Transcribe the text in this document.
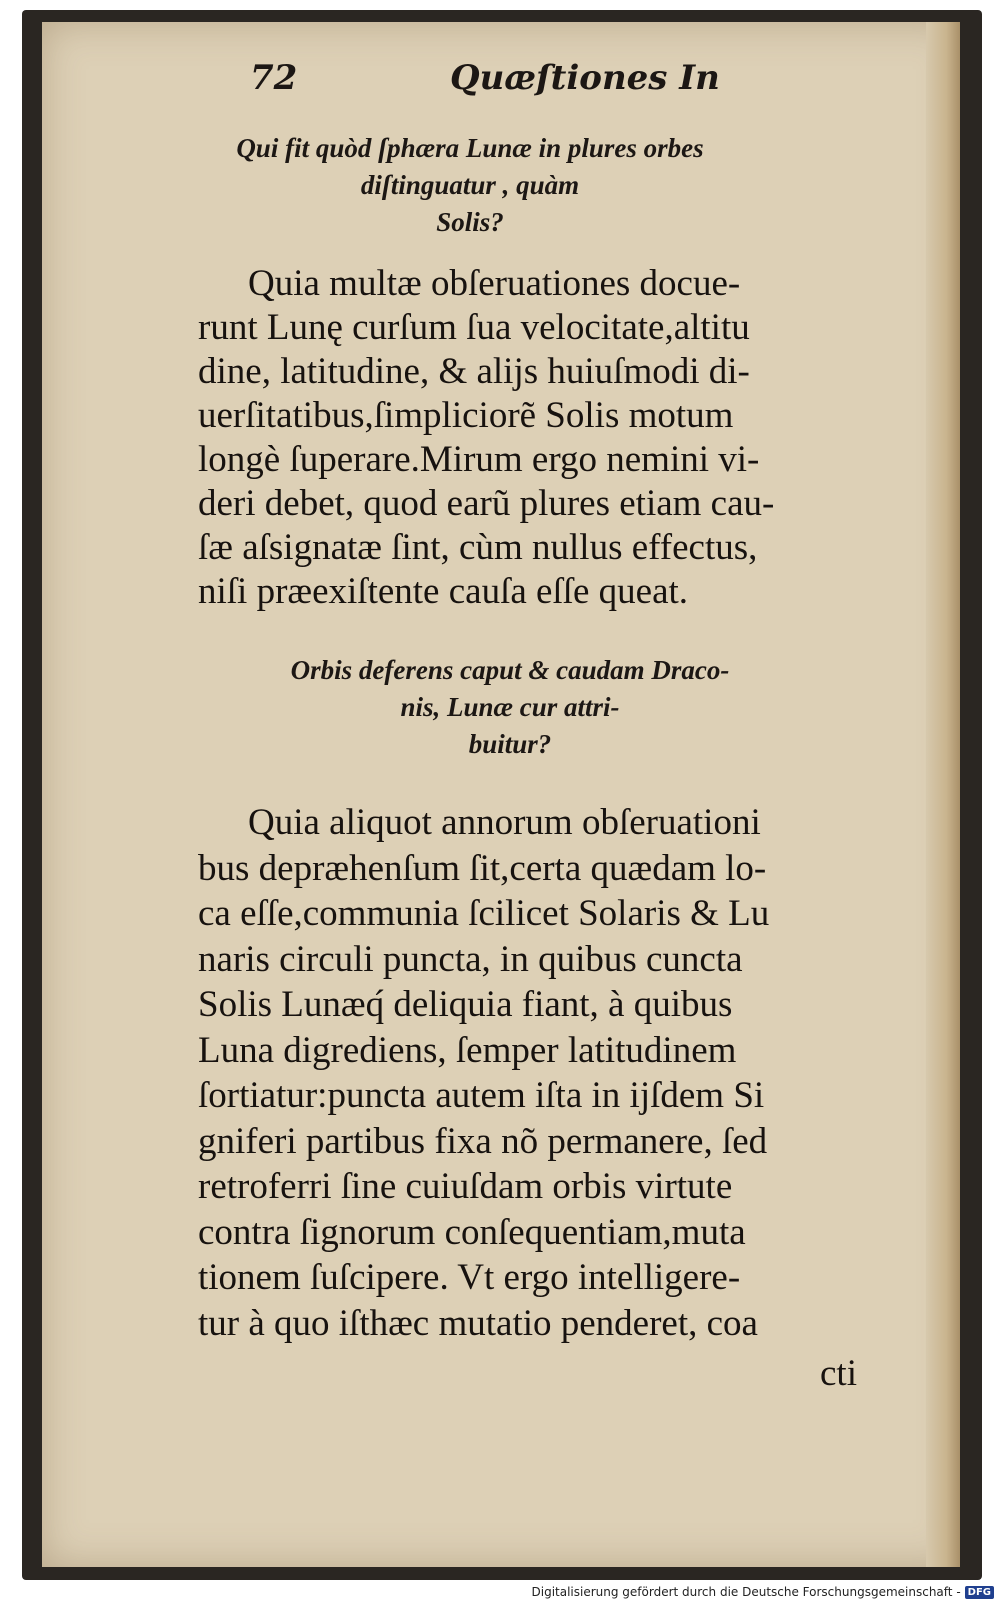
72	Quæſtiones In
Qui fit quòd ſphæra Lunæ in plures orbes
diſtinguatur , quàm
Solis?
Quia multæ obſeruationes docue-
runt Lunę curſum ſua velocitate,altitu
dine, latitudine, & alijs huiuſmodi di-
uerſitatibus,ſimpliciorẽ Solis motum
longè ſuperare.Mirum ergo nemini vi-
deri debet, quod earũ plures etiam cau-
ſæ aſsignatæ ſint, cùm nullus effectus,
niſi præexiſtente cauſa eſſe queat.
Orbis deferens caput & caudam Draco-
nis, Lunæ cur attri-
buitur?
Quia aliquot annorum obſeruationi
bus depræhenſum ſit,certa quædam lo-
ca eſſe,communia ſcilicet Solaris & Lu
naris circuli puncta, in quibus cuncta
Solis Lunæq́ deliquia fiant, à quibus
Luna digrediens, ſemper latitudinem
ſortiatur:puncta autem iſta in ijſdem Si
gniferi partibus fixa nõ permanere, ſed
retroferri ſine cuiuſdam orbis virtute
contra ſignorum conſequentiam,muta
tionem ſuſcipere. Vt ergo intelligere-
tur à quo iſthæc mutatio penderet, coa
cti
Digitalisierung gefördert durch die Deutsche Forschungsgemeinschaft - DFG
